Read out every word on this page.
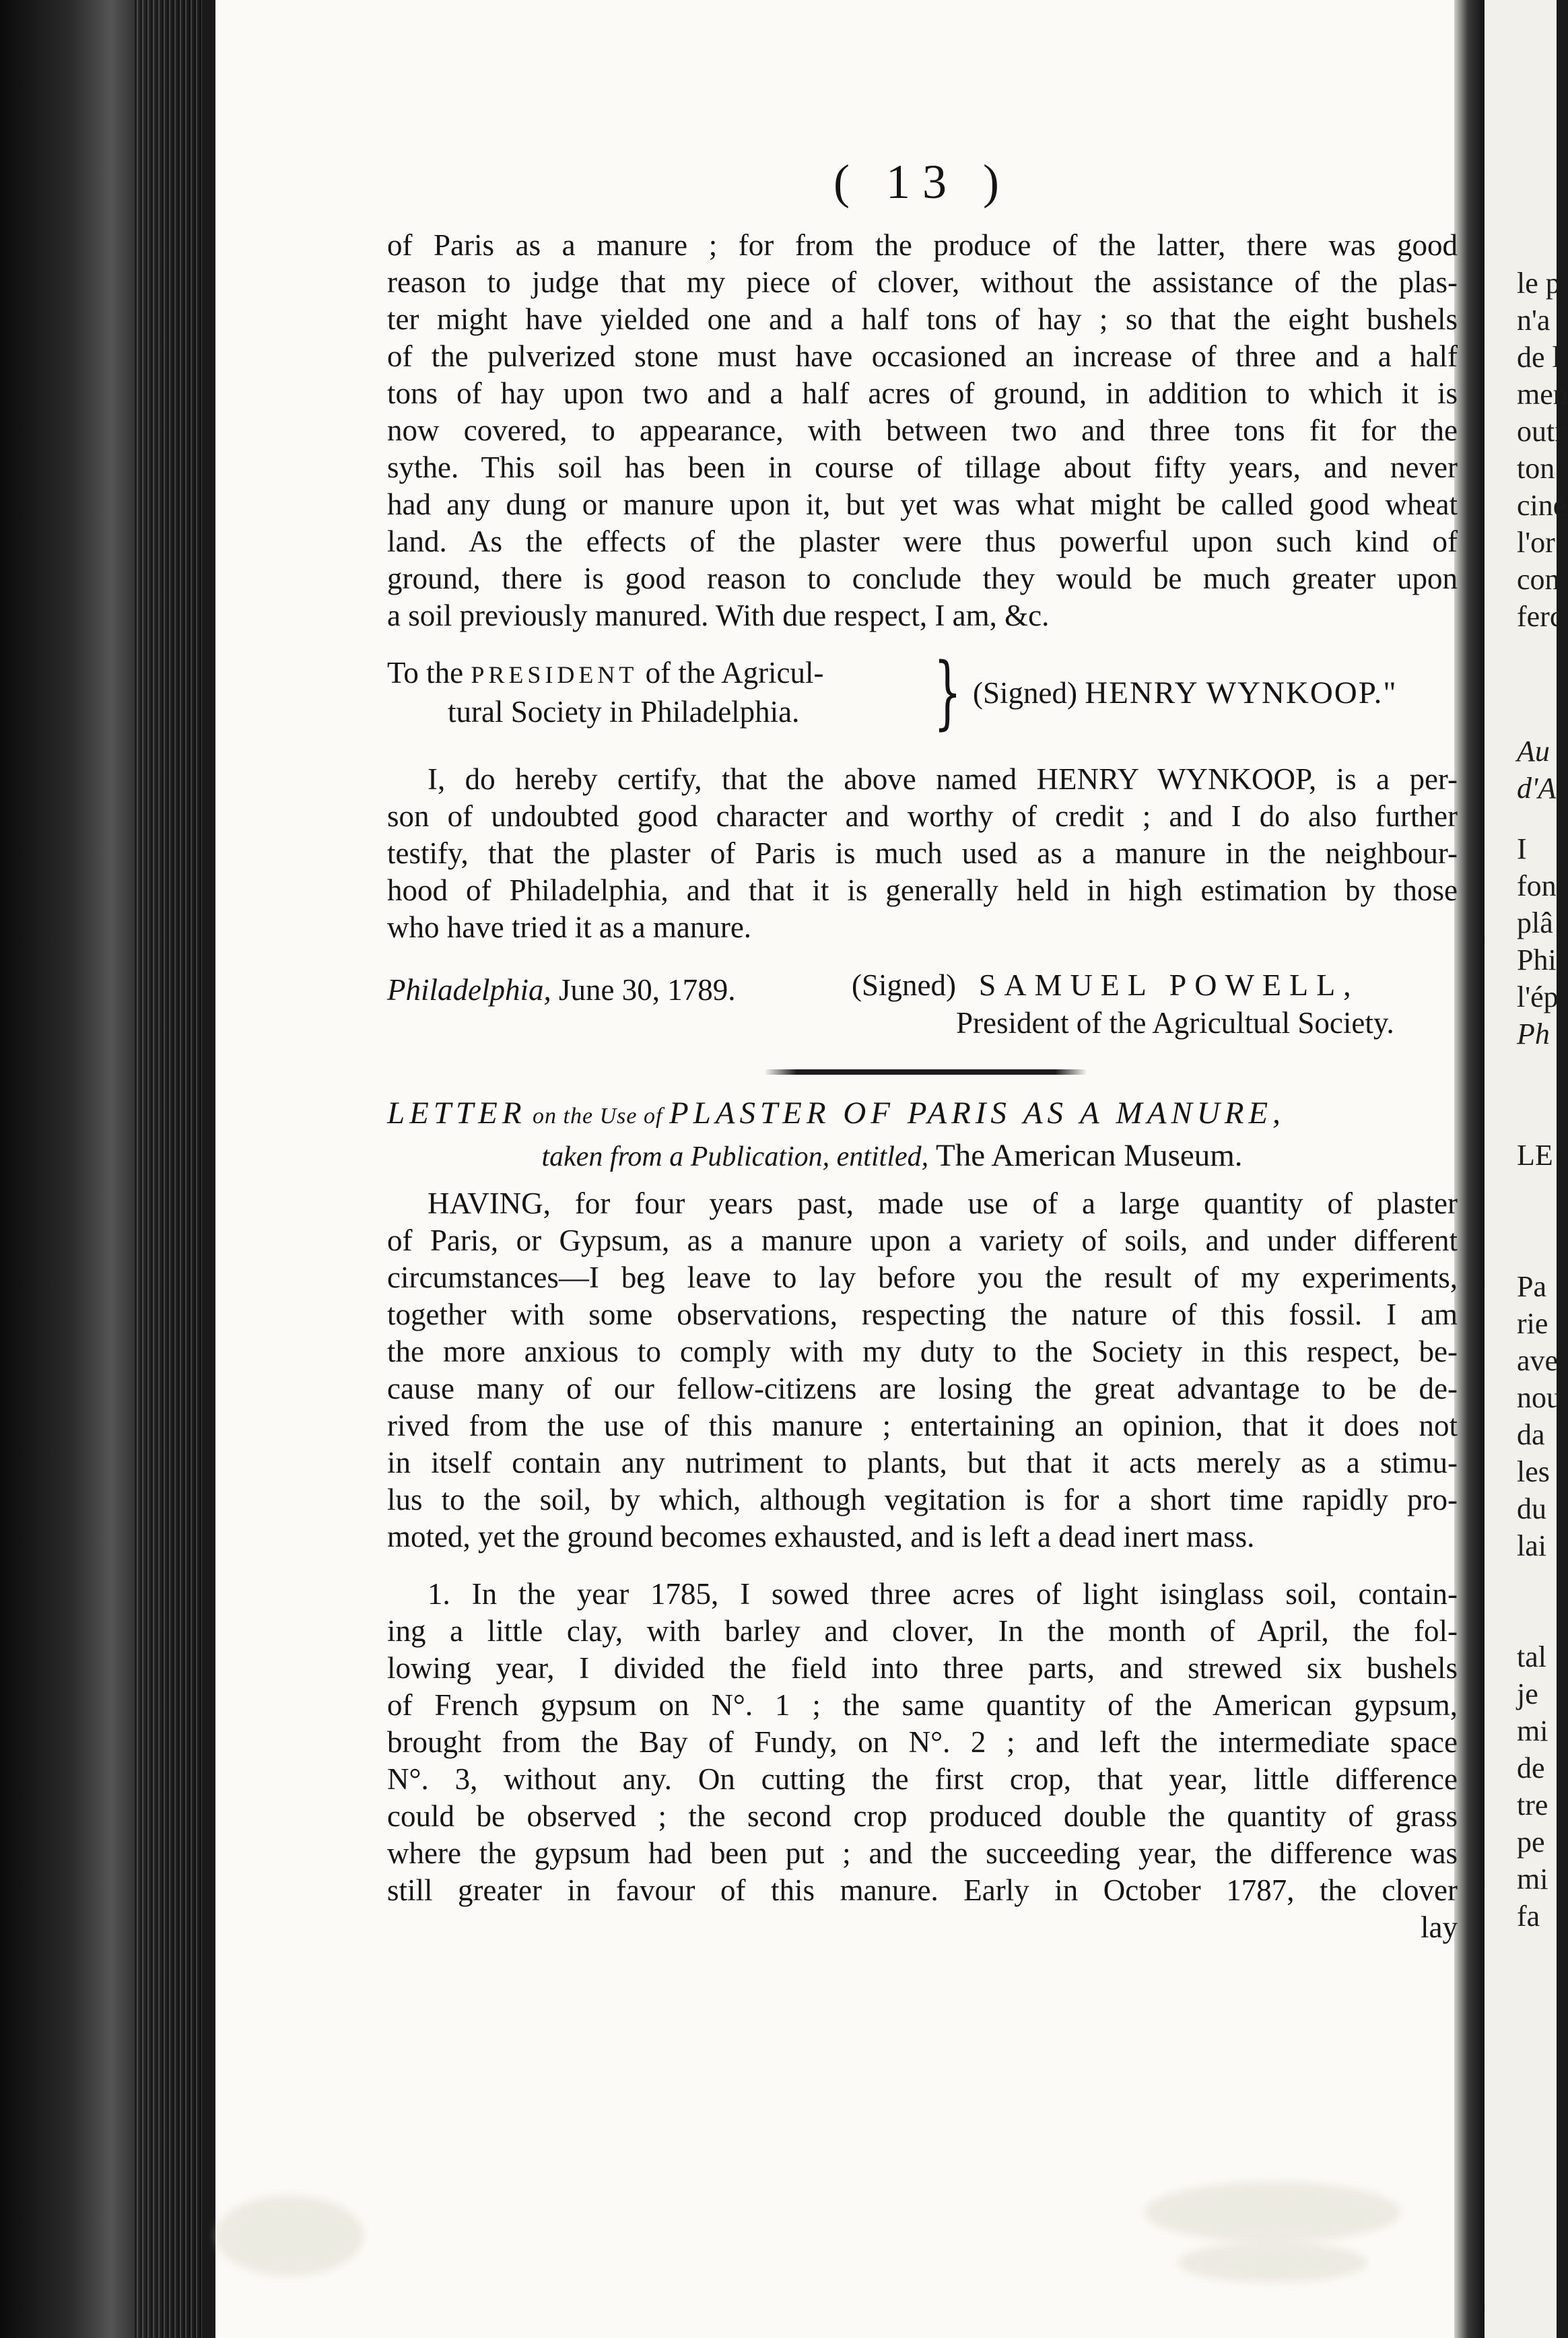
le p
n'a
de l
men
outr
ton
cine
l'or
con
ferc
Au
d'A
I
fon
plâ
Phi
l'ép
Ph
LE
Pa
rie
ave
nou
da
les
du
lai
tal
je
mi
de
tre
pe
mi
fa
( 13 )

of Paris as a manure ; for from the produce of the latter, there was good
reason to judge that my piece of clover, without the assistance of the plas-
ter might have yielded one and a half tons of hay ; so that the eight bushels
of the pulverized stone must have occasioned an increase of three and a half
tons of hay upon two and a half acres of ground, in addition to which it is
now covered, to appearance, with between two and three tons fit for the
sythe. This soil has been in course of tillage about fifty years, and never
had any dung or manure upon it, but yet was what might be called good wheat
land. As the effects of the plaster were thus powerful upon such kind of
ground, there is good reason to conclude they would be much greater upon
a soil previously manured. With due respect, I am, &c.

To the PRESIDENT of the Agricul-
tural Society in Philadelphia.	} (Signed) HENRY WYNKOOP."

I, do hereby certify, that the above named HENRY WYNKOOP, is a per-
son of undoubted good character and worthy of credit ; and I do also further
testify, that the plaster of Paris is much used as a manure in the neighbour-
hood of Philadelphia, and that it is generally held in high estimation by those
who have tried it as a manure.

Philadelphia, June 30, 1789.	(Signed) SAMUEL POWELL,
President of the Agricultual Society.
LETTER on the Use of PLASTER OF PARIS AS A MANURE,
taken from a Publication, entitled, The American Museum.

HAVING, for four years past, made use of a large quantity of plaster
of Paris, or Gypsum, as a manure upon a variety of soils, and under different
circumstances—I beg leave to lay before you the result of my experiments,
together with some observations, respecting the nature of this fossil. I am
the more anxious to comply with my duty to the Society in this respect, be-
cause many of our fellow-citizens are losing the great advantage to be de-
rived from the use of this manure ; entertaining an opinion, that it does not
in itself contain any nutriment to plants, but that it acts merely as a stimu-
lus to the soil, by which, although vegitation is for a short time rapidly pro-
moted, yet the ground becomes exhausted, and is left a dead inert mass.

1. In the year 1785, I sowed three acres of light isinglass soil, contain-
ing a little clay, with barley and clover, In the month of April, the fol-
lowing year, I divided the field into three parts, and strewed six bushels
of French gypsum on N°. 1 ; the same quantity of the American gypsum,
brought from the Bay of Fundy, on N°. 2 ; and left the intermediate space
N°. 3, without any. On cutting the first crop, that year, little difference
could be observed ; the second crop produced double the quantity of grass
where the gypsum had been put ; and the succeeding year, the difference was
still greater in favour of this manure. Early in October 1787, the clover
lay
